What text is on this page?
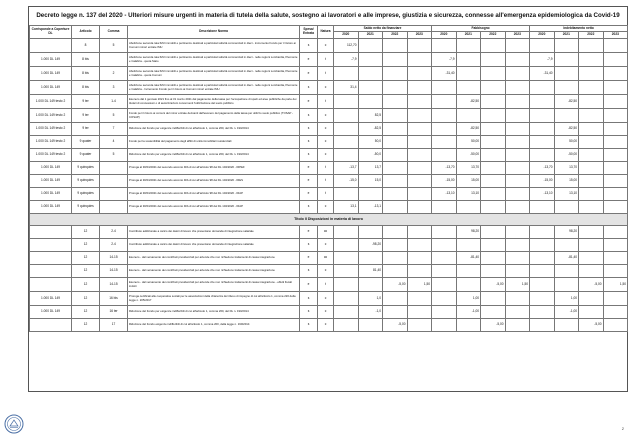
Decreto legge n. 137 del 2020 - Ulteriori misure urgenti in materia di tutela della salute, sostegno ai lavoratori e alle imprese, giustizia e sicurezza, connesse all'emergenza epidemiologica da Covid-19
Corrisponde a Coperture DL	Articolo	Comma	Descrizione Norma	Spesa/ Entrata	Natura	Saldo netto da finanziare				Fabbisogno				Indebitamento netto			
						2020	2021	2022	2023	2020	2021	2022	2023	2020	2021	2022	2023
	8	5	Abolizione seconda rata IMU immobili e pertinenze destinati a particolari attività commerciali in dieci - incremento Fondo per il ristoro ai Comuni minori entrate IMU	s	c	112,70											
1.000 DL 149	8 bis		Abolizione seconda rata IMU immobili e pertinenze destinati a particolari attività commerciali in dieci - nelle regioni Lombardia, Piemonte e Calabria - quota Stato	e	t	-7,9				-7,9				-7,9			
1.000 DL 149	8 bis	2	Abolizione seconda rata IMU immobili e pertinenze destinati a particolari attività commerciali in dieci - nelle regioni Lombardia, Piemonte e Calabria - quota Comuni	e	t					-31,40				-31,40			
1.000 DL 149	8 bis	3	Abolizione seconda rata IMU immobili e pertinenze destinati a particolari attività commerciali in dieci - nelle regioni Lombardia, Piemonte e Calabria - Incremento Fondo per il ristoro ai Comuni minori entrate IMU	s	c	31,4											
1.000 DL 149 testo 2	9 ter	1-4	Esonero dal 1 gennaio 2021 fino al 31 marzo 2021 dal pagamento della tassa per l'occupazione di spazi ed aree pubbliche da parte dei titolari di concessioni o di autorizzazioni concernenti l'utilizzazione del suolo pubblico	e	t						-82,50				-82,50		
1.000 DL 149 testo 2	9 ter	5	Fondo per il ristoro ai comuni del minor entrate derivanti dall'esonero del pagamento della tassa per utilizzo suolo pubblico (TOSAP - COSAP)	s	c		82,5										
1.000 DL 149 testo 2	9 ter	7	Riduzione del Fondo per esigenze indifferibili di cui all'articolo 1, comma 200, del DL n. 190/2014	s	c		-82,5				-82,50				-82,50		
1.000 DL 149 testo 2	9 quater	4	Fondo per la sostenibilità del pagamento degli affitti di unità immobiliari residenziali	s	c		50,0				50,00				50,00		
1.000 DL 149 testo 2	9 quater	5	Riduzione del Fondo per esigenze indifferibili di cui all'articolo 1, comma 200, del DL n. 190/2014	s	c		-50,0				-50,00				-50,00		
1.000 DL 149	9 quinquies		Proroga al 30/04/2021 del secondo acconto IRA di cui all'articolo 98 del DL 104/2020 - IRPEF	e	t	-13,7	13,7			-13,70	13,70			-13,70	13,70		
1.000 DL 149	9 quinquies		Proroga al 30/04/2021 del secondo acconto IRA di cui all'articolo 98 del DL 104/2020 - IRES	e	t	-15,0	15,0			-15,00	15,00			-15,00	15,00		
1.000 DL 149	9 quinquies		Proroga al 30/04/2021 del secondo acconto IRA di cui all'articolo 98 del DL 104/2020 - IRAP	e	t					-13,10	13,10			-13,10	13,10		
1.000 DL 149	9 quinquies		Proroga al 30/04/2021 del secondo acconto IRA di cui all'articolo 98 del DL 104/2020 - IRAP	s	c	13,1	-13,1										
Titolo II Disposizioni in materia di lavoro																	
	12	2-4	Contributo addizionale a carico dei datori di lavoro che presentano domanda di integrazione salariale	e	co						98,20				98,20		
	12	2-4	Contributo addizionale a carico dei datori di lavoro che presentano domanda di integrazione salariale	s	c		-98,20										
	12	14-15	Esonero - dal versamento dei contributi previdenziali per aziende che non richiedono trattamenti di cassa integrazione	e	co						-81,40				-81,40		
	12	14-15	Esonero - dal versamento dei contributi previdenziali per aziende che non richiedono trattamenti di cassa integrazione	s	c		81,40										
	12	14-15	Esonero - dal versamento dei contributi previdenziali per aziende che non richiedono trattamenti di cassa integrazione - effetti fiscali indotti	e	t			-5,00	1,50			-5,00	1,50			-5,00	1,50
1.000 DL 149	12	16 bis	Proroga certificati alle cooperative sociali per le associazioni della chiarezza del rilievo di impegno di cui all'articolo 1, comma 220 della legge n. 205/2017	s	c		1,0				1,00				1,00		
1.000 DL 149	12	16 ter	Riduzione del Fondo per esigenze indifferibili di cui all'articolo 1, comma 200, del DL n. 190/2014	s	c		-1,0				-1,00				-1,00		
	12	17	Riduzione del Fondo esigenze indifferibili di cui all'articolo 1, comma 200, della legge n. 190/2014	s	c			-5,00				-5,00				-5,00	
2
